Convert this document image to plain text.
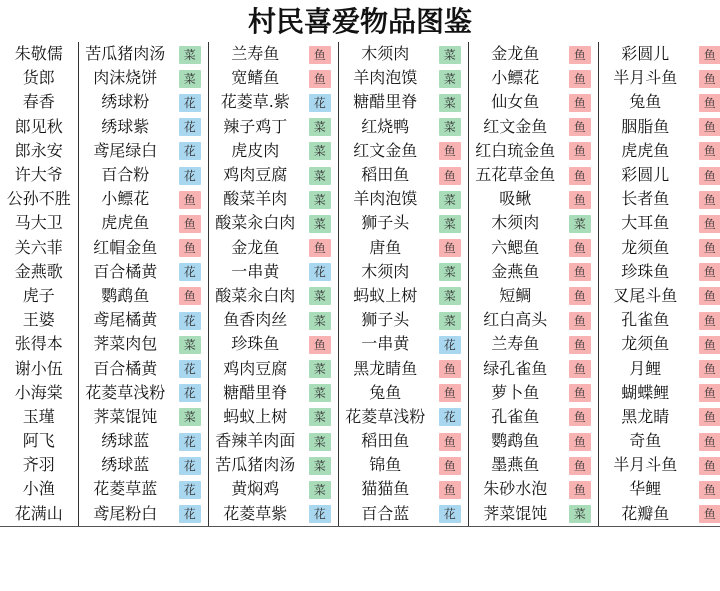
村民喜爱物品图鉴
朱敬儒	苦瓜猪肉汤	菜	兰寿鱼	鱼	木须肉	菜	金龙鱼	鱼	彩圆儿	鱼
货郎	肉沫烧饼	菜	宽鳍鱼	鱼	羊肉泡馍	菜	小鳔花	鱼	半月斗鱼	鱼
春香	绣球粉	花	花菱草.紫	花	糖醋里脊	菜	仙女鱼	鱼	兔鱼	鱼
郎见秋	绣球紫	花	辣子鸡丁	菜	红烧鸭	菜	红文金鱼	鱼	胭脂鱼	鱼
郎永安	鸢尾绿白	花	虎皮肉	菜	红文金鱼	鱼	红白琉金鱼	鱼	虎虎鱼	鱼
许大爷	百合粉	花	鸡肉豆腐	菜	稻田鱼	鱼	五花草金鱼	鱼	彩圆儿	鱼
公孙不胜	小鳔花	鱼	酸菜羊肉	菜	羊肉泡馍	菜	吸鳅	鱼	长者鱼	鱼
马大卫	虎虎鱼	鱼	酸菜汆白肉	菜	狮子头	菜	木须肉	菜	大耳鱼	鱼
关六菲	红帽金鱼	鱼	金龙鱼	鱼	唐鱼	鱼	六鳃鱼	鱼	龙须鱼	鱼
金燕歌	百合橘黄	花	一串黄	花	木须肉	菜	金燕鱼	鱼	珍珠鱼	鱼
虎子	鹦鹉鱼	鱼	酸菜汆白肉	菜	蚂蚁上树	菜	短鲷	鱼	叉尾斗鱼	鱼
王婆	鸢尾橘黄	花	鱼香肉丝	菜	狮子头	菜	红白高头	鱼	孔雀鱼	鱼
张得本	荠菜肉包	菜	珍珠鱼	鱼	一串黄	花	兰寿鱼	鱼	龙须鱼	鱼
谢小伍	百合橘黄	花	鸡肉豆腐	菜	黑龙睛鱼	鱼	绿孔雀鱼	鱼	月鲤	鱼
小海棠	花菱草浅粉	花	糖醋里脊	菜	兔鱼	鱼	萝卜鱼	鱼	蝴蝶鲤	鱼
玉瑾	荠菜馄饨	菜	蚂蚁上树	菜	花菱草浅粉	花	孔雀鱼	鱼	黑龙睛	鱼
阿飞	绣球蓝	花	香辣羊肉面	菜	稻田鱼	鱼	鹦鹉鱼	鱼	奇鱼	鱼
齐羽	绣球蓝	花	苦瓜猪肉汤	菜	锦鱼	鱼	墨燕鱼	鱼	半月斗鱼	鱼
小渔	花菱草蓝	花	黄焖鸡	菜	猫猫鱼	鱼	朱砂水泡	鱼	华鲤	鱼
花满山	鸢尾粉白	花	花菱草紫	花	百合蓝	花	荠菜馄饨	菜	花瓣鱼	鱼
